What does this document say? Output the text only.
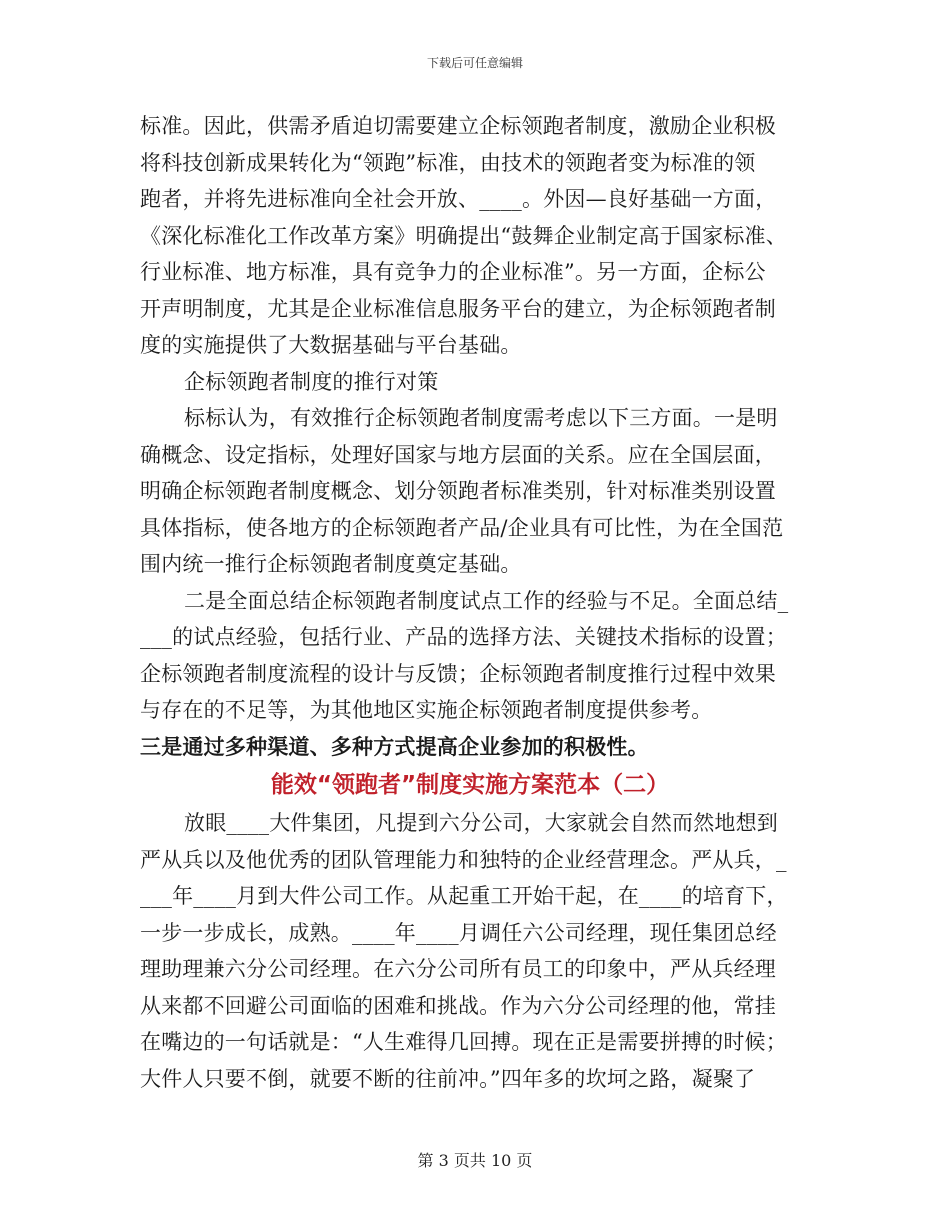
下载后可任意编辑
标准。因此，供需矛盾迫切需要建立企标领跑者制度，激励企业积极
将科技创新成果转化为“领跑”标准，由技术的领跑者变为标准的领
跑者，并将先进标准向全社会开放、____。外因—良好基础一方面，
《深化标准化工作改革方案》明确提出“鼓舞企业制定高于国家标准、
行业标准、地方标准，具有竞争力的企业标准”。另一方面，企标公
开声明制度，尤其是企业标准信息服务平台的建立，为企标领跑者制
度的实施提供了大数据基础与平台基础。
企标领跑者制度的推行对策
标标认为，有效推行企标领跑者制度需考虑以下三方面。一是明
确概念、设定指标，处理好国家与地方层面的关系。应在全国层面，
明确企标领跑者制度概念、划分领跑者标准类别，针对标准类别设置
具体指标，使各地方的企标领跑者产品/企业具有可比性，为在全国范
围内统一推行企标领跑者制度奠定基础。
二是全面总结企标领跑者制度试点工作的经验与不足。全面总结_
___的试点经验，包括行业、产品的选择方法、关键技术指标的设置；
企标领跑者制度流程的设计与反馈；企标领跑者制度推行过程中效果
与存在的不足等，为其他地区实施企标领跑者制度提供参考。
三是通过多种渠道、多种方式提高企业参加的积极性。
能效“领跑者”制度实施方案范本（二）
放眼____大件集团，凡提到六分公司，大家就会自然而然地想到
严从兵以及他优秀的团队管理能力和独特的企业经营理念。严从兵，_
___年____月到大件公司工作。从起重工开始干起，在____的培育下，
一步一步成长，成熟。____年____月调任六公司经理，现任集团总经
理助理兼六分公司经理。在六分公司所有员工的印象中，严从兵经理
从来都不回避公司面临的困难和挑战。作为六分公司经理的他，常挂
在嘴边的一句话就是：“人生难得几回搏。现在正是需要拼搏的时候；
大件人只要不倒，就要不断的往前冲。”四年多的坎坷之路，凝聚了
第 3 页共 10 页
